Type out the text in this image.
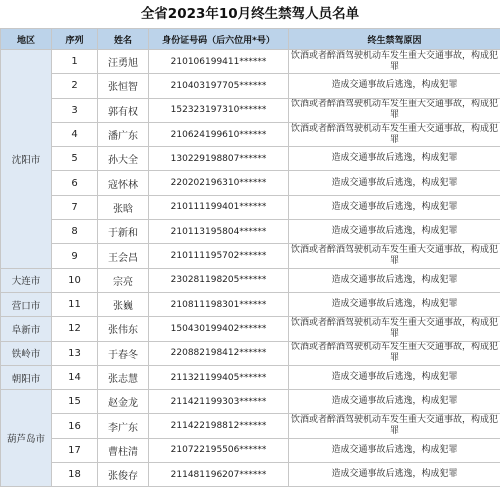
全省2023年10月终生禁驾人员名单
地区	序列	姓名	身份证号码（后六位用*号）	终生禁驾原因
沈阳市	1	汪勇旭	210106199411******	饮酒或者醉酒驾驶机动车发生重大交通事故，构成犯罪
	2	张恒智	210403197705******	造成交通事故后逃逸，构成犯罪
	3	郭有权	152323197310******	饮酒或者醉酒驾驶机动车发生重大交通事故，构成犯罪
	4	潘广东	210624199610******	饮酒或者醉酒驾驶机动车发生重大交通事故，构成犯罪
	5	孙大全	130229198807******	造成交通事故后逃逸，构成犯罪
	6	寇怀林	220202196310******	造成交通事故后逃逸，构成犯罪
	7	张晗	210111199401******	造成交通事故后逃逸，构成犯罪
	8	于新和	210113195804******	造成交通事故后逃逸，构成犯罪
	9	王会昌	210111195702******	饮酒或者醉酒驾驶机动车发生重大交通事故，构成犯罪
大连市	10	宗亮	230281198205******	造成交通事故后逃逸，构成犯罪
营口市	11	张巍	210811198301******	造成交通事故后逃逸，构成犯罪
阜新市	12	张伟东	150430199402******	饮酒或者醉酒驾驶机动车发生重大交通事故，构成犯罪
铁岭市	13	于春冬	220882198412******	饮酒或者醉酒驾驶机动车发生重大交通事故，构成犯罪
朝阳市	14	张志慧	211321199405******	造成交通事故后逃逸，构成犯罪
葫芦岛市	15	赵金龙	211421199303******	造成交通事故后逃逸，构成犯罪
	16	李广东	211422198812******	饮酒或者醉酒驾驶机动车发生重大交通事故，构成犯罪
	17	曹柱清	210722195506******	造成交通事故后逃逸，构成犯罪
	18	张俊存	211481196207******	造成交通事故后逃逸，构成犯罪
